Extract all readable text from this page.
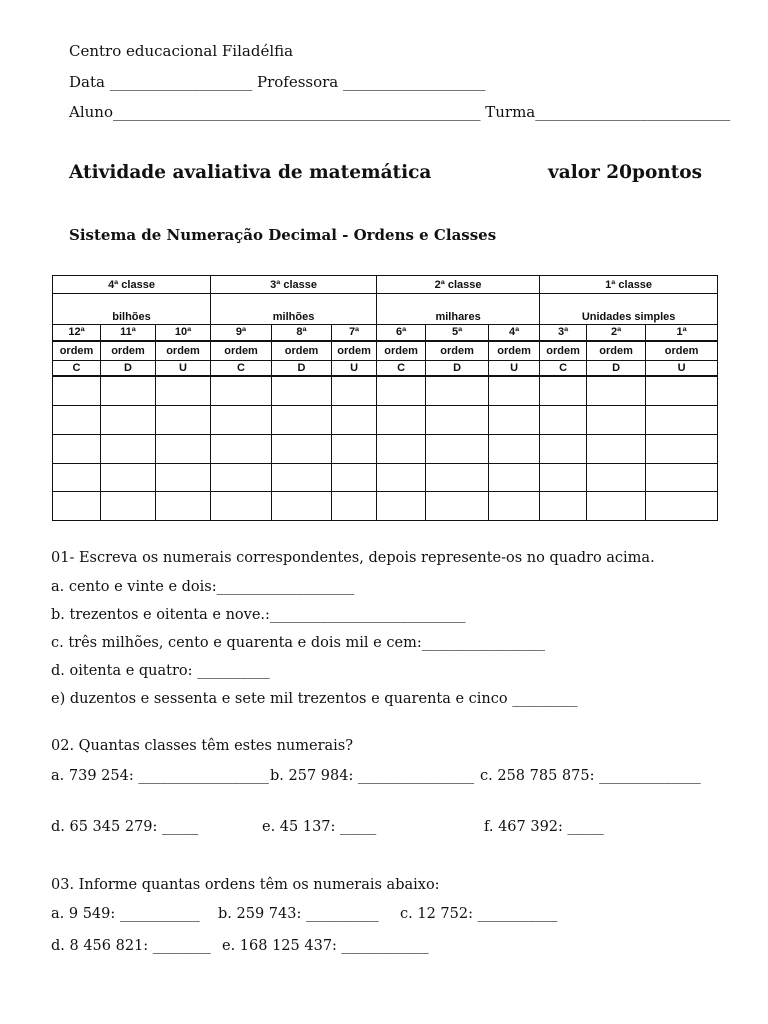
Centro educacional Filadélfia
Data ___________________ Professora ___________________
Aluno_________________________________________________ Turma__________________________
Atividade avaliativa de matemática	valor 20pontos
Sistema de Numeração Decimal - Ordens e Classes
4ª classe			3ª classe			2ª classe			1ª classe		
bilhões			milhões			milhares			Unidades simples		
12ª	11ª	10ª	9ª	8ª	7ª	6ª	5ª	4ª	3ª	2ª	1ª
ordem	ordem	ordem	ordem	ordem	ordem	ordem	ordem	ordem	ordem	ordem	ordem
C	D	U	C	D	U	C	D	U	C	D	U

01- Escreva os numerais correspondentes, depois represente-os no quadro acima.
a. cento e vinte e dois:___________________
b. trezentos e oitenta e nove.:___________________________
c. três milhões, cento e quarenta e dois mil e cem:_________________
d. oitenta e quatro: __________
e) duzentos e sessenta e sete mil trezentos e quarenta e cinco _________
02. Quantas classes têm estes numerais?
a. 739 254: __________________ b. 257 984: ________________ c. 258 785 875: ______________
d. 65 345 279: _____	e. 45 137: _____	f. 467 392: _____
03. Informe quantas ordens têm os numerais abaixo:
a. 9 549: ___________ b. 259 743: __________ c. 12 752: ___________
d. 8 456 821: ________ e. 168 125 437: ____________
